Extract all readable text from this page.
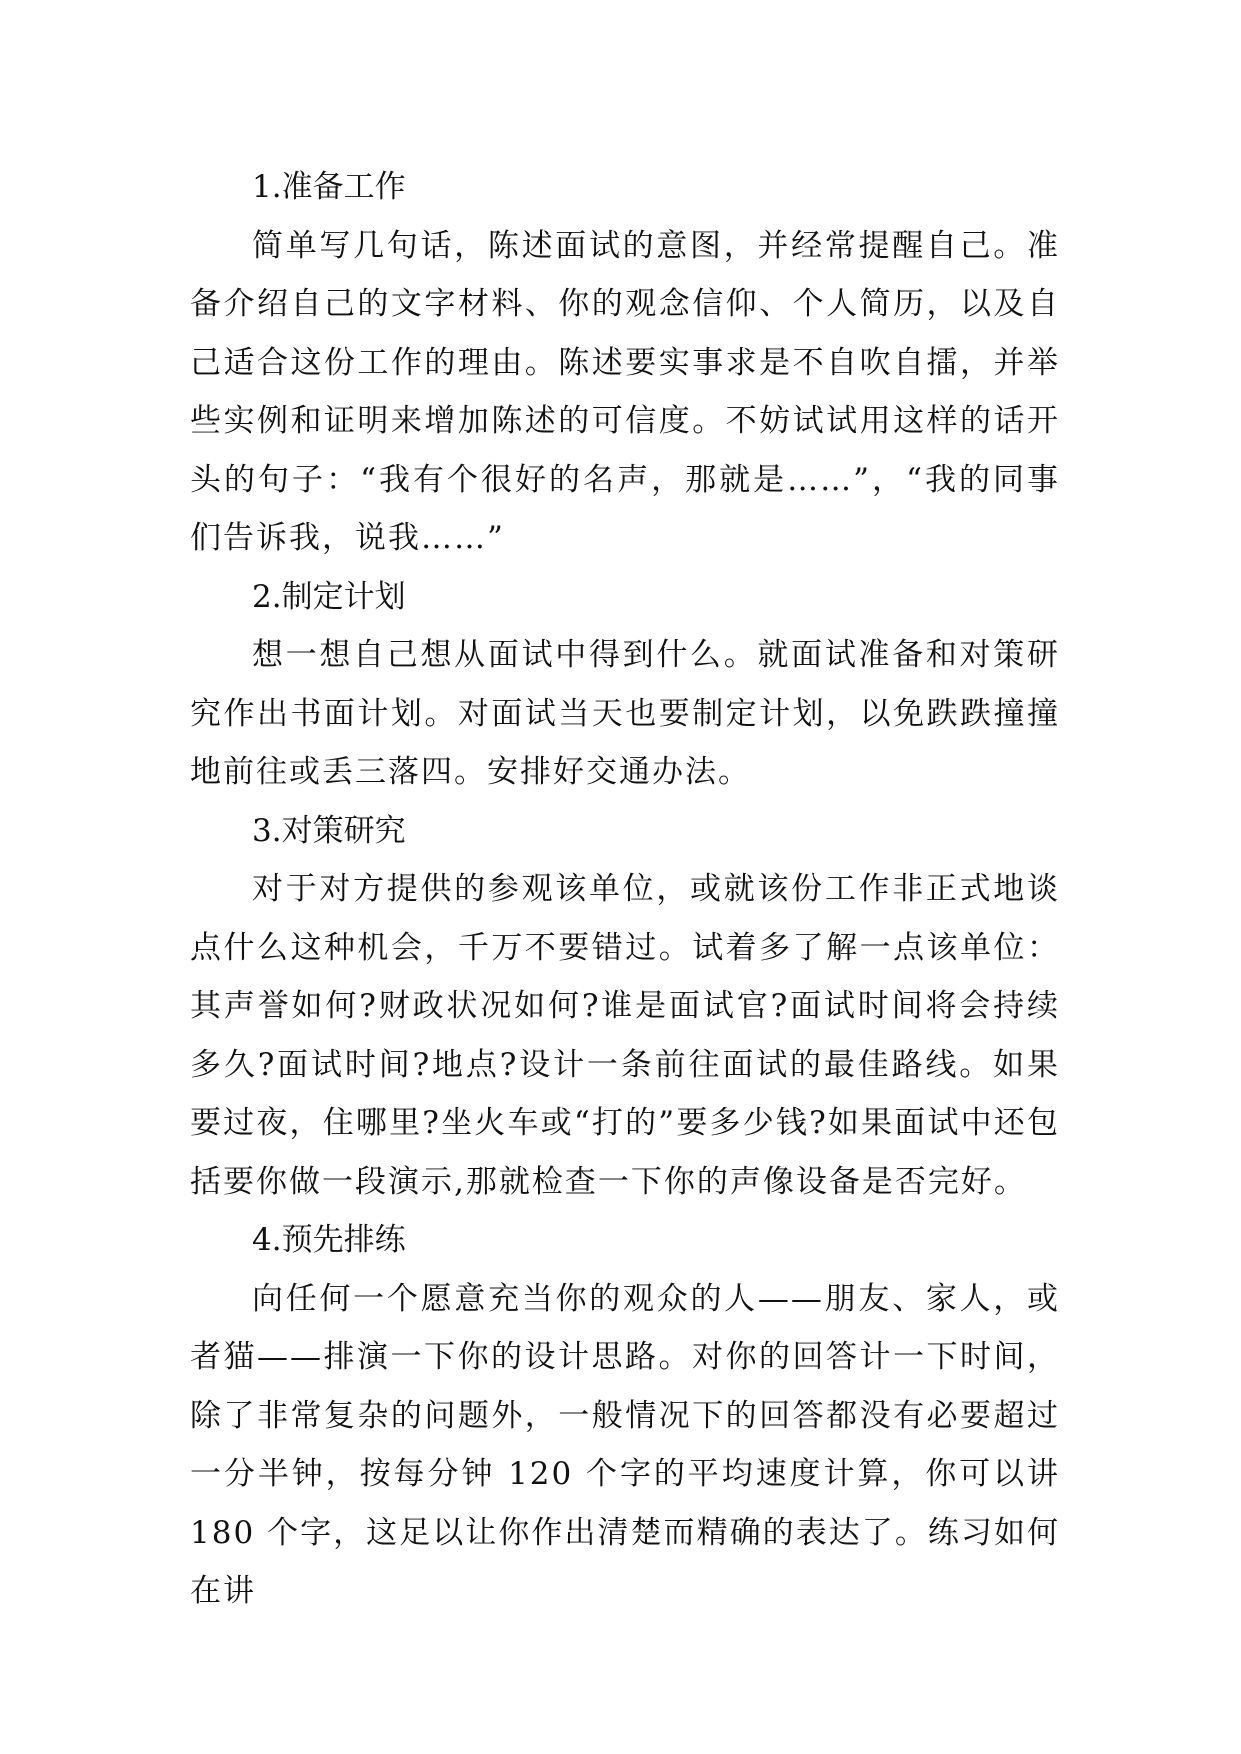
1.准备工作

简单写几句话，陈述面试的意图，并经常提醒自己。准备介绍自己的文字材料、你的观念信仰、个人简历，以及自己适合这份工作的理由。陈述要实事求是不自吹自擂，并举些实例和证明来增加陈述的可信度。不妨试试用这样的话开头的句子：“我有个很好的名声，那就是……”，“我的同事们告诉我，说我……”

2.制定计划

想一想自己想从面试中得到什么。就面试准备和对策研究作出书面计划。对面试当天也要制定计划，以免跌跌撞撞地前往或丢三落四。安排好交通办法。

3.对策研究

对于对方提供的参观该单位，或就该份工作非正式地谈点什么这种机会，千万不要错过。试着多了解一点该单位：其声誉如何?财政状况如何?谁是面试官?面试时间将会持续多久?面试时间?地点?设计一条前往面试的最佳路线。如果要过夜，住哪里?坐火车或“打的”要多少钱?如果面试中还包括要你做一段演示,那就检查一下你的声像设备是否完好。

4.预先排练

向任何一个愿意充当你的观众的人——朋友、家人，或者猫——排演一下你的设计思路。对你的回答计一下时间，除了非常复杂的问题外，一般情况下的回答都没有必要超过一分半钟，按每分钟 120 个字的平均速度计算，你可以讲 180 个字，这足以让你作出清楚而精确的表达了。练习如何在讲
